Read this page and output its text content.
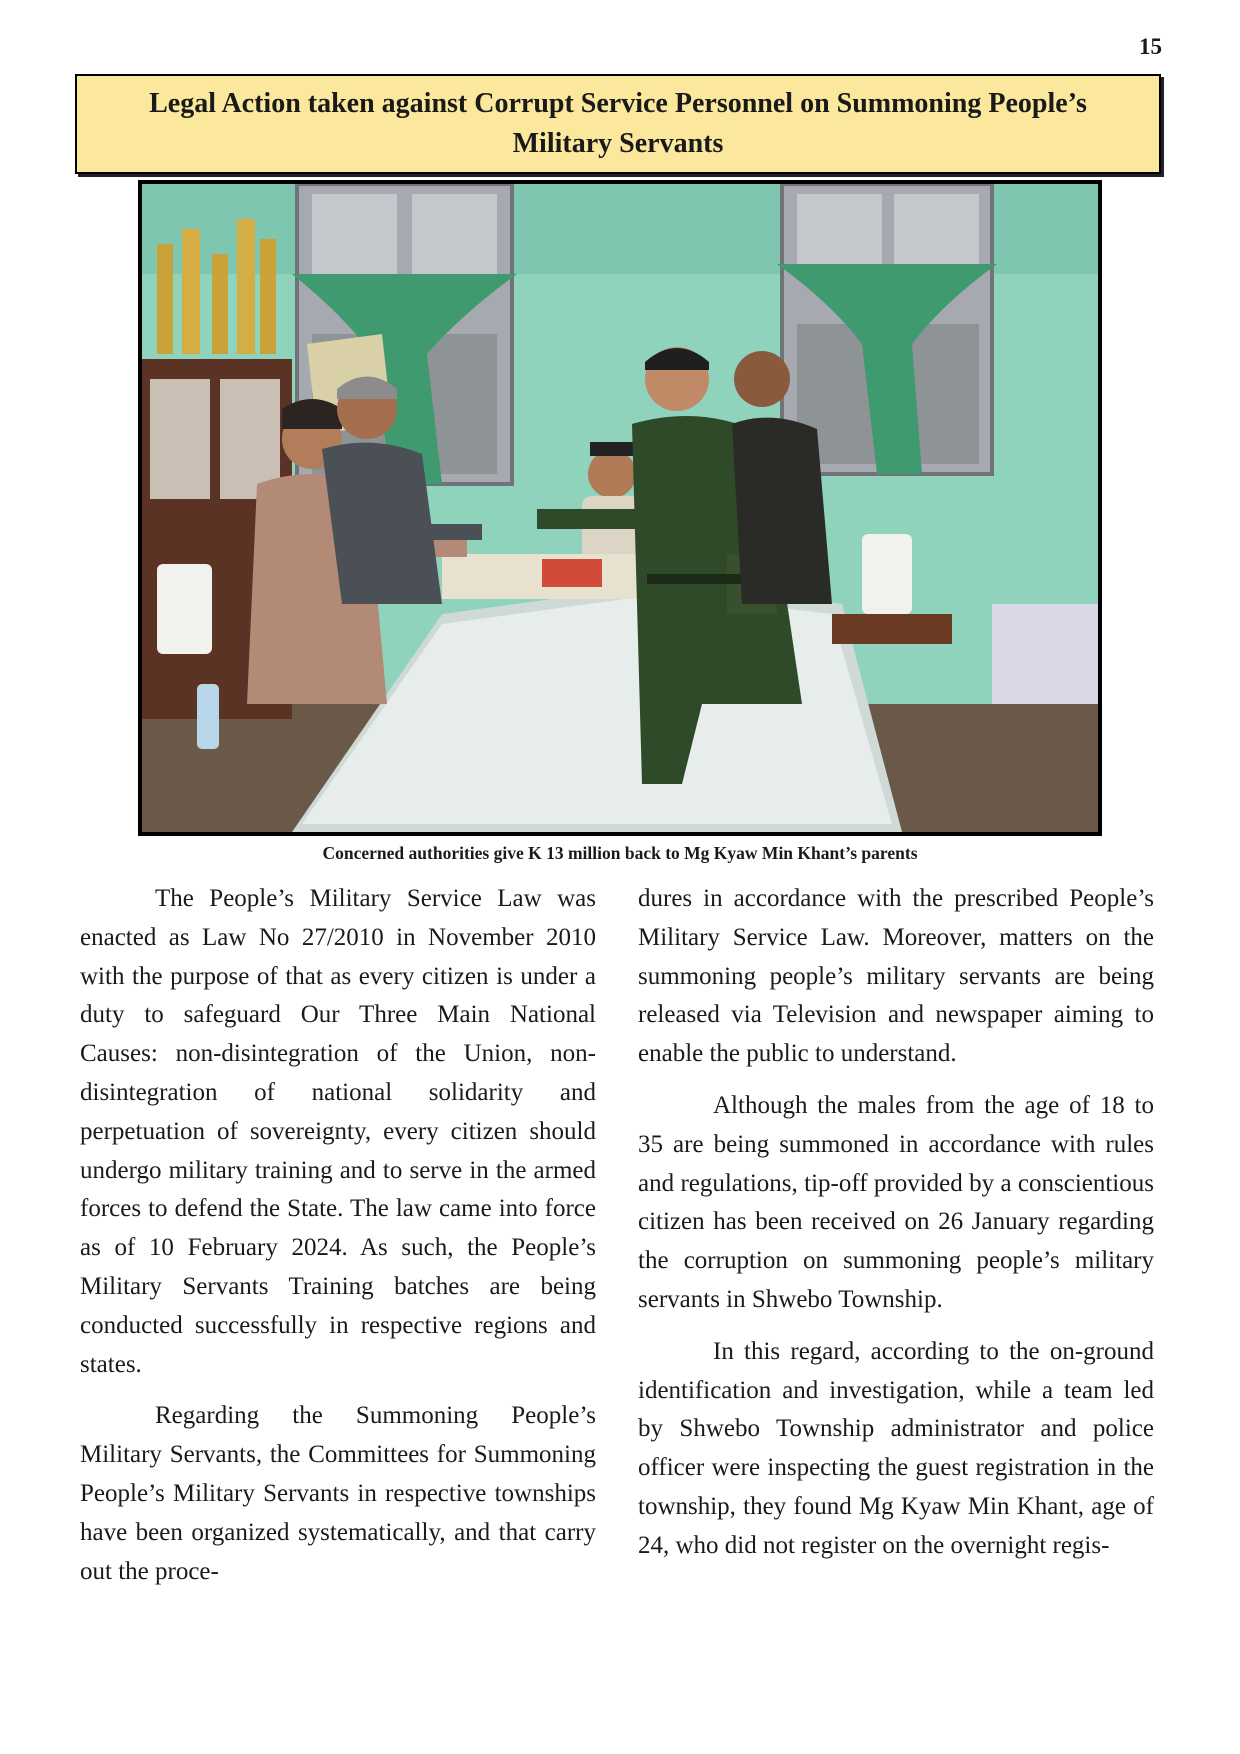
15
Legal Action taken against Corrupt Service Personnel on Summoning People’s Military Servants
Concerned authorities give K 13 million back to Mg Kyaw Min Khant’s parents

The People’s Military Service Law was enacted as Law No 27/2010 in November 2010 with the purpose of that as every citizen is under a duty to safeguard Our Three Main National Causes: non-disintegration of the Union, non-disintegration of national solidarity and perpetuation of sovereignty, every citizen should undergo military training and to serve in the armed forces to defend the State. The law came into force as of 10 February 2024. As such, the People’s Military Servants Training batches are being conducted successfully in respective regions and states.

Regarding the Summoning People’s Military Servants, the Committees for Summoning People’s Military Servants in respective townships have been organized systematically, and that carry out the proce-

dures in accordance with the prescribed People’s Military Service Law. Moreover, matters on the summoning people’s military servants are being released via Television and newspaper aiming to enable the public to understand.

Although the males from the age of 18 to 35 are being summoned in accordance with rules and regulations, tip-off provided by a conscientious citizen has been received on 26 January regarding the corruption on summoning people’s military servants in Shwebo Township.

In this regard, according to the on-ground identification and investigation, while a team led by Shwebo Township administrator and police officer were inspecting the guest registration in the township, they found Mg Kyaw Min Khant, age of 24, who did not register on the overnight regis-
